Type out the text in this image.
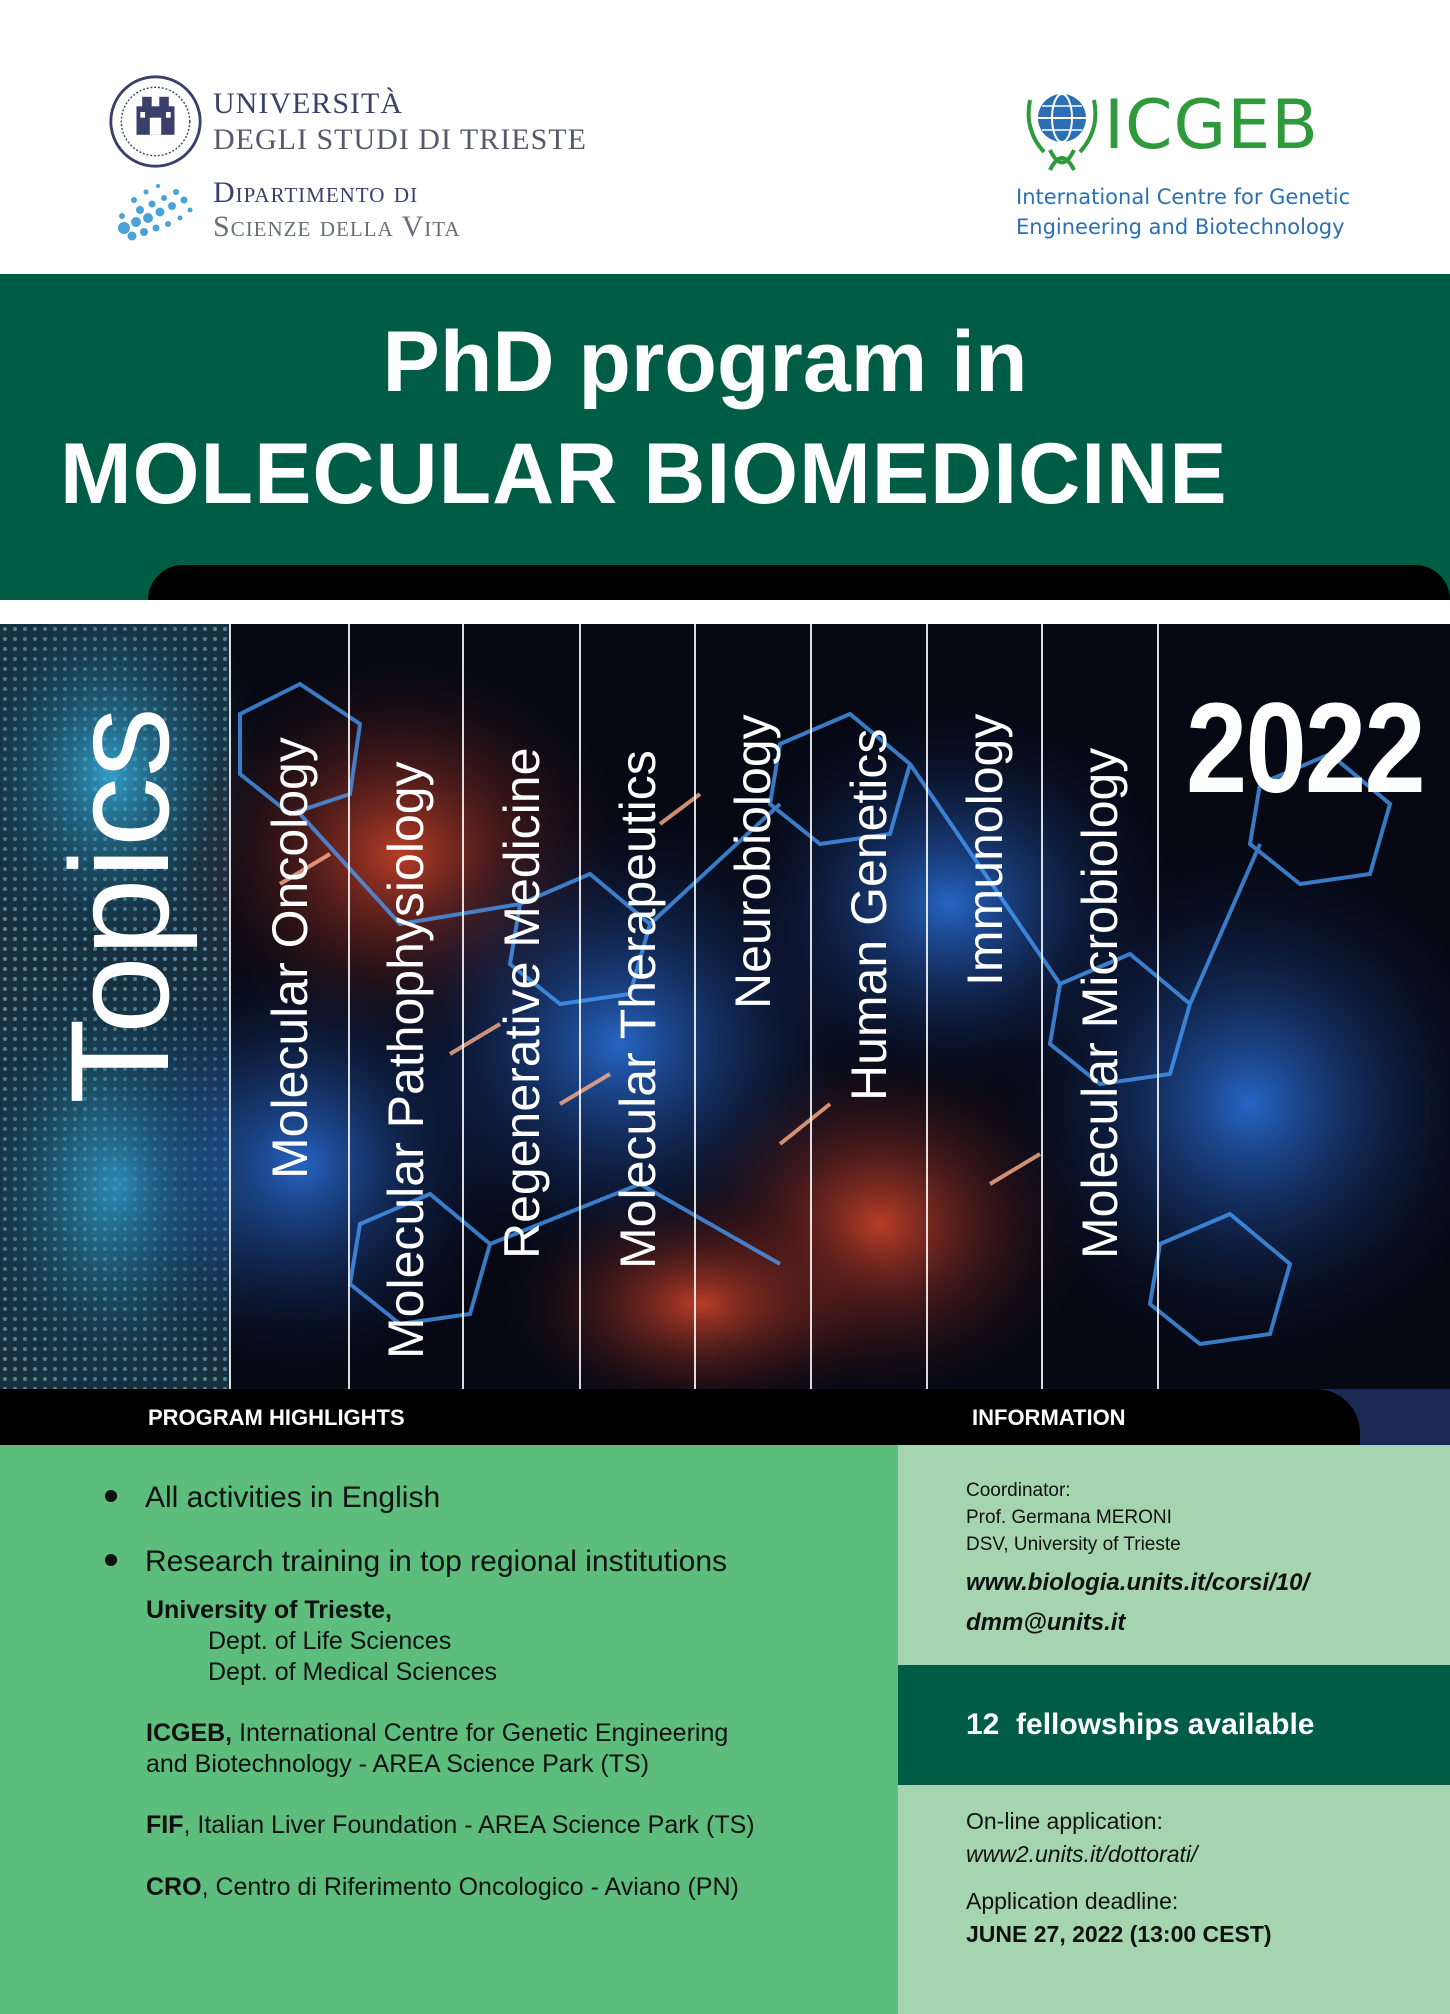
UNIVERSITÀ
DEGLI STUDI DI TRIESTE
Dipartimento di
Scienze della Vita
ICGEB
International Centre for Genetic
Engineering and Biotechnology
PhD program in
MOLECULAR BIOMEDICINE
Topics Molecular Oncology Molecular Pathophysiology Regenerative Medicine Molecular Therapeutics Neurobiology Human Genetics Immunology Molecular Microbiology 2022
PROGRAM HIGHLIGHTS	INFORMATION
All activities in English
Research training in top regional institutions
University of Trieste,
Dept. of Life Sciences
Dept. of Medical Sciences
ICGEB, International Centre for Genetic Engineering
and Biotechnology - AREA Science Park (TS)
FIF, Italian Liver Foundation - AREA Science Park (TS)
CRO, Centro di Riferimento Oncologico - Aviano (PN)
Coordinator:
Prof. Germana MERONI
DSV, University of Trieste
www.biologia.units.it/corsi/10/
dmm@units.it
12  fellowships available
On-line application:
www2.units.it/dottorati/
Application deadline:
JUNE 27, 2022 (13:00 CEST)
